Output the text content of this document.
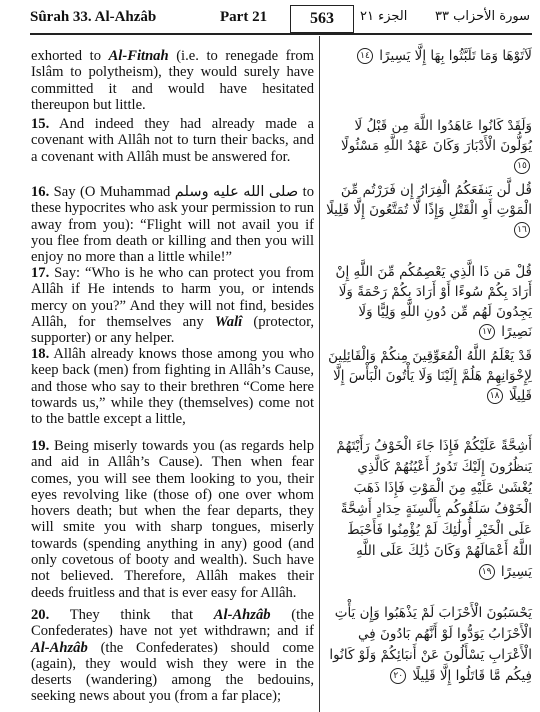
Sûrah 33. Al-Ahzâb	Part 21	563	الجزء ٢١ سورة الأحزاب ٣٣
exhorted to Al-Fitnah (i.e. to renegade from Islâm to polytheism), they would surely have committed it and would have hesitated thereupon but little.
15. And indeed they had already made a covenant with Allâh not to turn their backs, and a covenant with Allâh must be answered for.
16. Say (O Muhammad صلى الله عليه وسلم to these hypocrites who ask your permission to run away from you): “Flight will not avail you if you flee from death or killing and then you will enjoy no more than a little while!”
17. Say: “Who is he who can protect you from Allâh if He intends to harm you, or intends mercy on you?” And they will not find, besides Allâh, for themselves any Walî (protector, supporter) or any helper.
18. Allâh already knows those among you who keep back (men) from fighting in Allâh’s Cause, and those who say to their brethren “Come here towards us,” while they (themselves) come not to the battle except a little,
19. Being miserly towards you (as regards help and aid in Allâh’s Cause). Then when fear comes, you will see them looking to you, their eyes revolving like (those of) one over whom hovers death; but when the fear departs, they will smite you with sharp tongues, miserly towards (spending anything in any) good (and only covetous of booty and wealth). Such have not believed. Therefore, Allâh makes their deeds fruitless and that is ever easy for Allâh.
20. They think that Al-Ahzâb (the Confederates) have not yet withdrawn; and if Al-Ahzâb (the Confederates) should come (again), they would wish they were in the deserts (wandering) among the bedouins, seeking news about you (from a far place);
لَآتَوْهَا وَمَا تَلَبَّثُوا بِهَا إِلَّا يَسِيرًا ١٤
وَلَقَدْ كَانُوا عَاهَدُوا اللَّهَ مِن قَبْلُ لَا يُوَلُّونَ الْأَدْبَارَ وَكَانَ عَهْدُ اللَّهِ مَسْئُولًا ١٥
قُل لَّن يَنفَعَكُمُ الْفِرَارُ إِن فَرَرْتُم مِّنَ الْمَوْتِ أَوِ الْقَتْلِ وَإِذًا لَّا تُمَتَّعُونَ إِلَّا قَلِيلًا ١٦
قُلْ مَن ذَا الَّذِي يَعْصِمُكُم مِّنَ اللَّهِ إِنْ أَرَادَ بِكُمْ سُوءًا أَوْ أَرَادَ بِكُمْ رَحْمَةً وَلَا يَجِدُونَ لَهُم مِّن دُونِ اللَّهِ وَلِيًّا وَلَا نَصِيرًا ١٧
قَدْ يَعْلَمُ اللَّهُ الْمُعَوِّقِينَ مِنكُمْ وَالْقَائِلِينَ لِإِخْوَانِهِمْ هَلُمَّ إِلَيْنَا وَلَا يَأْتُونَ الْبَأْسَ إِلَّا قَلِيلًا ١٨
أَشِحَّةً عَلَيْكُمْ فَإِذَا جَاءَ الْخَوْفُ رَأَيْتَهُمْ يَنظُرُونَ إِلَيْكَ تَدُورُ أَعْيُنُهُمْ كَالَّذِي يُغْشَىٰ عَلَيْهِ مِنَ الْمَوْتِ فَإِذَا ذَهَبَ الْخَوْفُ سَلَقُوكُم بِأَلْسِنَةٍ حِدَادٍ أَشِحَّةً عَلَى الْخَيْرِ أُولَٰئِكَ لَمْ يُؤْمِنُوا فَأَحْبَطَ اللَّهُ أَعْمَالَهُمْ وَكَانَ ذَٰلِكَ عَلَى اللَّهِ يَسِيرًا ١٩
يَحْسَبُونَ الْأَحْزَابَ لَمْ يَذْهَبُوا وَإِن يَأْتِ الْأَحْزَابُ يَوَدُّوا لَوْ أَنَّهُم بَادُونَ فِي الْأَعْرَابِ يَسْأَلُونَ عَنْ أَنبَائِكُمْ وَلَوْ كَانُوا فِيكُم مَّا قَاتَلُوا إِلَّا قَلِيلًا ٢٠
